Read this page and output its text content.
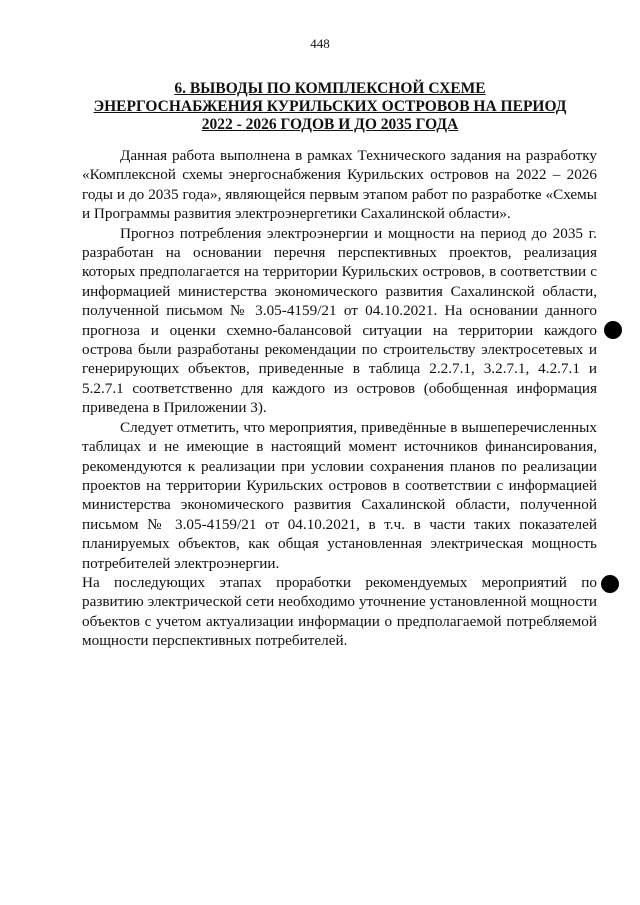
448
6. ВЫВОДЫ ПО КОМПЛЕКСНОЙ СХЕМЕ
ЭНЕРГОСНАБЖЕНИЯ КУРИЛЬСКИХ ОСТРОВОВ НА ПЕРИОД
2022 - 2026 ГОДОВ И ДО 2035 ГОДА

Данная работа выполнена в рамках Технического задания на разработку «Комплексной схемы энергоснабжения Курильских островов на 2022 – 2026 годы и до 2035 года», являющейся первым этапом работ по разработке «Схемы и Программы развития электроэнергетики Сахалинской области».

Прогноз потребления электроэнергии и мощности на период до 2035 г. разработан на основании перечня перспективных проектов, реализация которых предполагается на территории Курильских островов, в соответствии с информацией министерства экономического развития Сахалинской области, полученной письмом № 3.05-4159/21 от 04.10.2021. На основании данного прогноза и оценки схемно-балансовой ситуации на территории каждого острова были разработаны рекомендации по строительству электросетевых и генерирующих объектов, приведенные в таблица 2.2.7.1, 3.2.7.1, 4.2.7.1 и 5.2.7.1 соответственно для каждого из островов (обобщенная информация приведена в Приложении 3).

Следует отметить, что мероприятия, приведённые в вышеперечисленных таблицах и не имеющие в настоящий момент источников финансирования, рекомендуются к реализации при условии сохранения планов по реализации проектов на территории Курильских островов в соответствии с информацией министерства экономического развития Сахалинской области, полученной письмом № 3.05-4159/21 от 04.10.2021, в т.ч. в части таких показателей планируемых объектов, как общая установленная электрическая мощность потребителей электроэнергии.

На последующих этапах проработки рекомендуемых мероприятий по развитию электрической сети необходимо уточнение установленной мощности объектов с учетом актуализации информации о предполагаемой потребляемой мощности перспективных потребителей.
